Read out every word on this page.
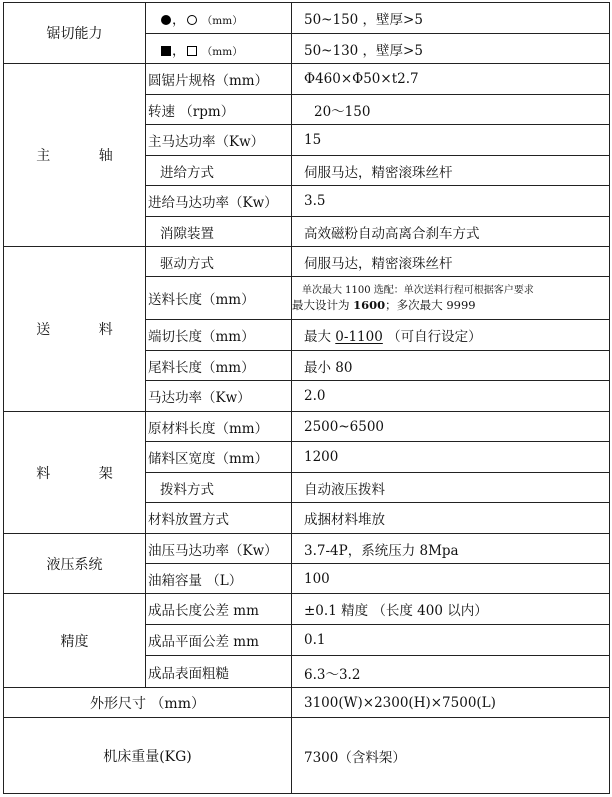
锯切能力	， （mm）	50~150 ，壁厚>5
	， （mm）	50~130 ，壁厚>5
主 轴	圆锯片规格（mm）	Φ460×Φ50×t2.7
	转速 （rpm）	20～150
	主马达功率（Kw）	15
	进给方式	伺服马达，精密滚珠丝杆
	进给马达功率（Kw）	3.5
	消隙装置	高效磁粉自动高离合刹车方式
送 料	驱动方式	伺服马达，精密滚珠丝杆
	送料长度（mm）	单次最大 1100 选配：单次送料行程可根据客户要求
最大设计为 1600；多次最大 9999

	端切长度（mm）	最大 0-1100 （可自行设定）
	尾料长度（mm）	最小 80
	马达功率（Kw）	2.0
料 架	原材料长度（mm）	2500~6500
	储料区宽度（mm）	1200
	拨料方式	自动液压拨料
	材料放置方式	成捆材料堆放
液压系统	油压马达功率（Kw）	3.7-4P，系统压力 8Mpa
	油箱容量 （L）	100
精度	成品长度公差 mm	±0.1 精度 （长度 400 以内）
	成品平面公差 mm	0.1
	成品表面粗糙	6.3～3.2
外形尺寸 （mm）		3100(W)×2300(H)×7500(L)
机床重量(KG)		7300（含料架）
